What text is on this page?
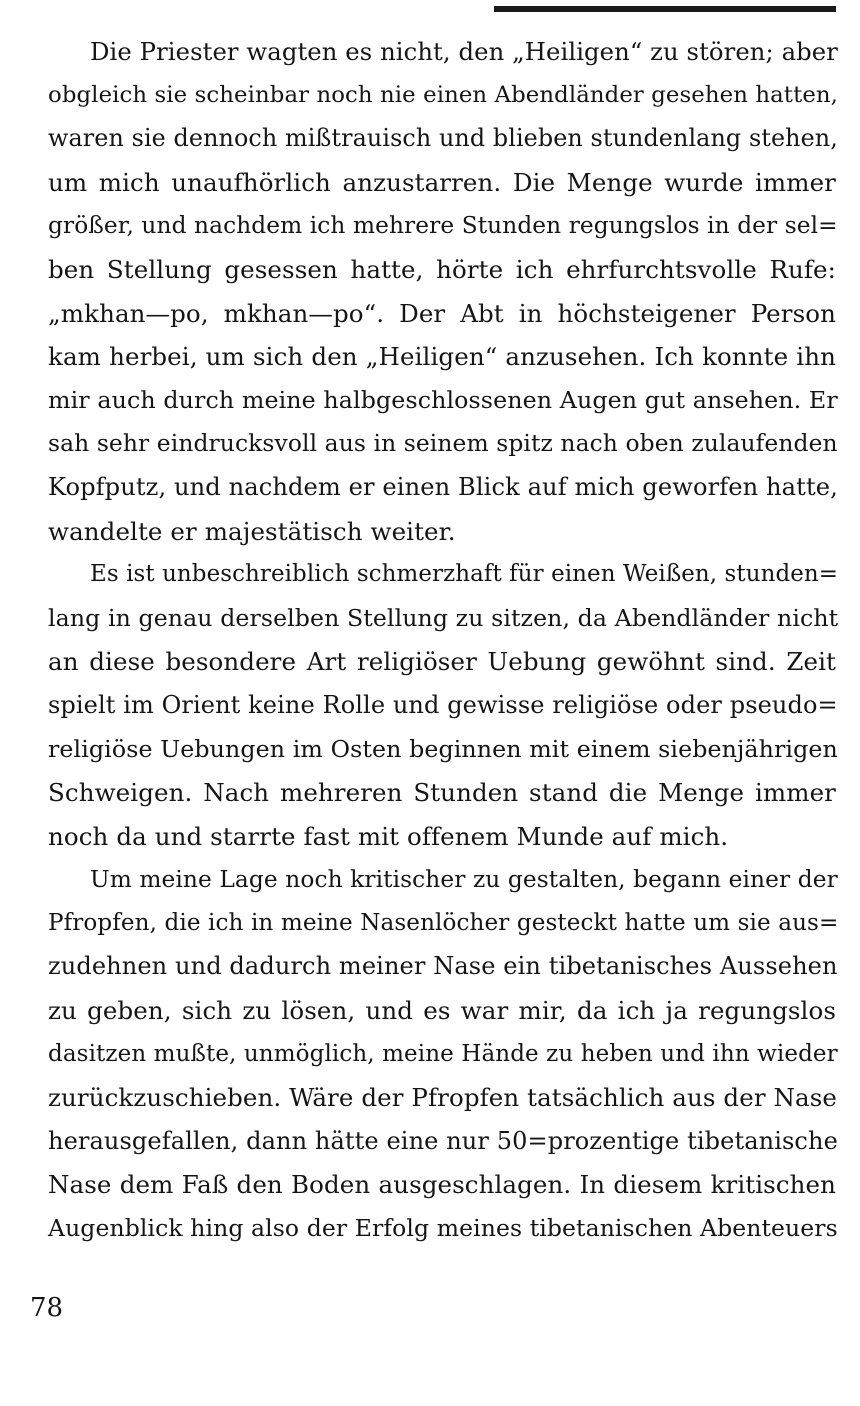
Die Priester wagten es nicht, den „Heiligen“ zu stören; aber
obgleich sie scheinbar noch nie einen Abendländer gesehen hatten,
waren sie dennoch mißtrauisch und blieben stundenlang stehen,
um mich unaufhörlich anzustarren. Die Menge wurde immer
größer, und nachdem ich mehrere Stunden regungslos in der sel=
ben Stellung gesessen hatte, hörte ich ehrfurchtsvolle Rufe:
„mkhan—po, mkhan—po“. Der Abt in höchsteigener Person
kam herbei, um sich den „Heiligen“ anzusehen. Ich konnte ihn
mir auch durch meine halbgeschlossenen Augen gut ansehen. Er
sah sehr eindrucksvoll aus in seinem spitz nach oben zulaufenden
Kopfputz, und nachdem er einen Blick auf mich geworfen hatte,
wandelte er majestätisch weiter.
Es ist unbeschreiblich schmerzhaft für einen Weißen, stunden=
lang in genau derselben Stellung zu sitzen, da Abendländer nicht
an diese besondere Art religiöser Uebung gewöhnt sind. Zeit
spielt im Orient keine Rolle und gewisse religiöse oder pseudo=
religiöse Uebungen im Osten beginnen mit einem siebenjährigen
Schweigen. Nach mehreren Stunden stand die Menge immer
noch da und starrte fast mit offenem Munde auf mich.
Um meine Lage noch kritischer zu gestalten, begann einer der
Pfropfen, die ich in meine Nasenlöcher gesteckt hatte um sie aus=
zudehnen und dadurch meiner Nase ein tibetanisches Aussehen
zu geben, sich zu lösen, und es war mir, da ich ja regungslos
dasitzen mußte, unmöglich, meine Hände zu heben und ihn wieder
zurückzuschieben. Wäre der Pfropfen tatsächlich aus der Nase
herausgefallen, dann hätte eine nur 50=prozentige tibetanische
Nase dem Faß den Boden ausgeschlagen. In diesem kritischen
Augenblick hing also der Erfolg meines tibetanischen Abenteuers
78
